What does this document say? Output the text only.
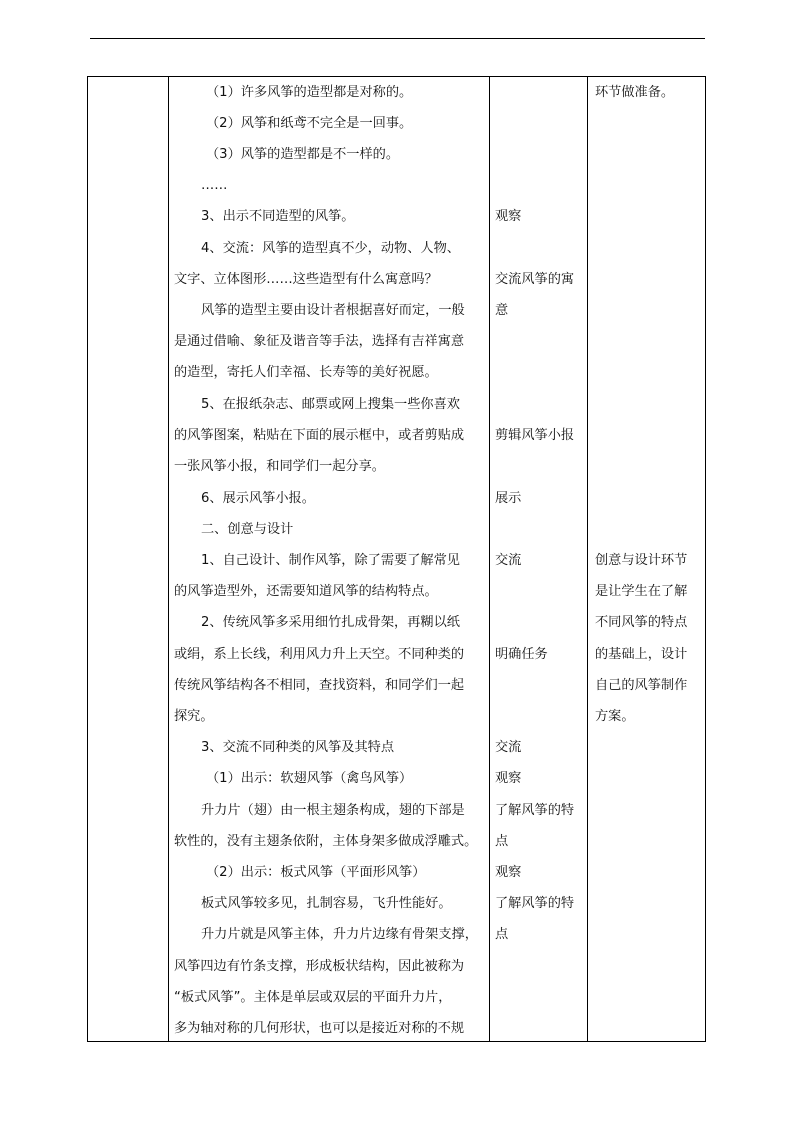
（1）许多风筝的造型都是对称的。
（2）风筝和纸鸢不完全是一回事。
（3）风筝的造型都是不一样的。
……
3、出示不同造型的风筝。
4、交流：风筝的造型真不少，动物、人物、
文字、立体图形……这些造型有什么寓意吗？
风筝的造型主要由设计者根据喜好而定，一般
是通过借喻、象征及谐音等手法，选择有吉祥寓意
的造型，寄托人们幸福、长寿等的美好祝愿。
5、在报纸杂志、邮票或网上搜集一些你喜欢
的风筝图案，粘贴在下面的展示框中，或者剪贴成
一张风筝小报，和同学们一起分享。
6、展示风筝小报。
二、创意与设计
1、自己设计、制作风筝，除了需要了解常见
的风筝造型外，还需要知道风筝的结构特点。
2、传统风筝多采用细竹扎成骨架，再糊以纸
或绢，系上长线，利用风力升上天空。不同种类的
传统风筝结构各不相同，查找资料，和同学们一起
探究。
3、交流不同种类的风筝及其特点
（1）出示：软翅风筝（禽鸟风筝）
升力片（翅）由一根主翅条构成，翅的下部是
软性的，没有主翅条依附，主体身架多做成浮雕式。
（2）出示：板式风筝（平面形风筝）
板式风筝较多见，扎制容易，飞升性能好。
升力片就是风筝主体，升力片边缘有骨架支撑，
风筝四边有竹条支撑，形成板状结构，因此被称为
“板式风筝”。主体是单层或双层的平面升力片，
多为轴对称的几何形状，也可以是接近对称的不规
观察
交流风筝的寓
意
剪辑风筝小报
展示
交流
明确任务
交流
观察
了解风筝的特
点
观察
了解风筝的特
点
环节做准备。
创意与设计环节
是让学生在了解
不同风筝的特点
的基础上，设计
自己的风筝制作
方案。
